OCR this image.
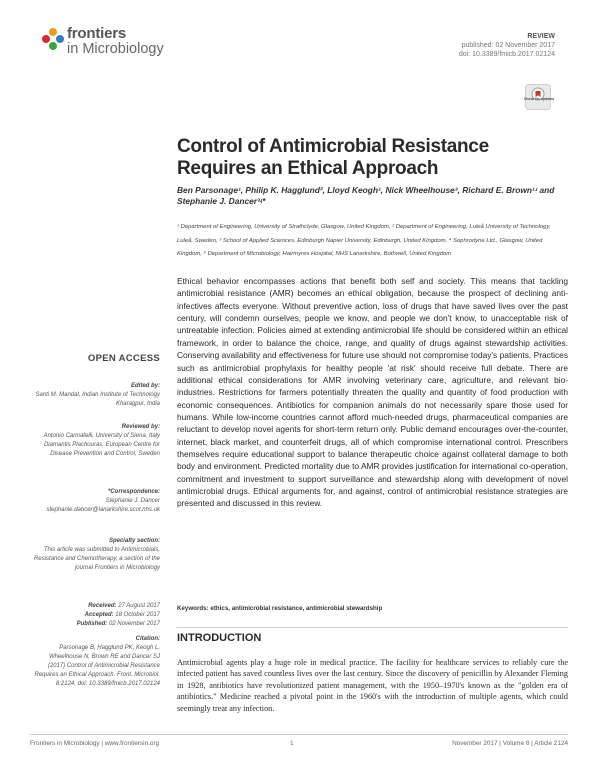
frontiers
in Microbiology
REVIEW
published: 02 November 2017
doi: 10.3389/fmicb.2017.02124
Check for updates
Control of Antimicrobial Resistance Requires an Ethical Approach
Ben Parsonage¹, Philip K. Hagglund², Lloyd Keogh¹, Nick Wheelhouse³, Richard E. Brown¹ʴ and Stephanie J. Dancer³ʵ*
¹ Department of Engineering, University of Strathclyde, Glasgow, United Kingdom, ² Department of Engineering, Luleå University of Technology, Luleå, Sweden, ³ School of Applied Sciences, Edinburgh Napier University, Edinburgh, United Kingdom, ⁴ Sophrodyne Ltd., Glasgow, United Kingdom, ⁵ Department of Microbiology, Hairmyres Hospital, NHS Lanarkshire, Bothwell, United Kingdom
Ethical behavior encompasses actions that benefit both self and society. This means that tackling antimicrobial resistance (AMR) becomes an ethical obligation, because the prospect of declining anti-infectives affects everyone. Without preventive action, loss of drugs that have saved lives over the past century, will condemn ourselves, people we know, and people we don't know, to unacceptable risk of untreatable infection. Policies aimed at extending antimicrobial life should be considered within an ethical framework, in order to balance the choice, range, and quality of drugs against stewardship activities. Conserving availability and effectiveness for future use should not compromise today's patients. Practices such as antimicrobial prophylaxis for healthy people 'at risk' should receive full debate. There are additional ethical considerations for AMR involving veterinary care, agriculture, and relevant bio-industries. Restrictions for farmers potentially threaten the quality and quantity of food production with economic consequences. Antibiotics for companion animals do not necessarily spare those used for humans. While low-income countries cannot afford much-needed drugs, pharmaceutical companies are reluctant to develop novel agents for short-term return only. Public demand encourages over-the-counter, internet, black market, and counterfeit drugs, all of which compromise international control. Prescribers themselves require educational support to balance therapeutic choice against collateral damage to both body and environment. Predicted mortality due to AMR provides justification for international co-operation, commitment and investment to support surveillance and stewardship along with development of novel antimicrobial drugs. Ethical arguments for, and against, control of antimicrobial resistance strategies are presented and discussed in this review.
Keywords: ethics, antimicrobial resistance, antimicrobial stewardship
OPEN ACCESS
Edited by:
Santi M. Mandal, Indian Institute of Technology Kharagpur, India
Reviewed by:
Antonio Cannatelli, University of Siena, Italy Diamantis Plachouras, European Centre for Disease Prevention and Control, Sweden
*Correspondence:
Stephanie J. Dancer stephanie.dancer@lanarkshire.scot.nhs.uk
Specialty section:
This article was submitted to Antimicrobials, Resistance and Chemotherapy, a section of the journal Frontiers in Microbiology
Received: 27 August 2017
Accepted: 18 October 2017
Published: 02 November 2017
Citation:
Parsonage B, Hagglund PK, Keogh L, Wheelhouse N, Brown RE and Dancer SJ (2017) Control of Antimicrobial Resistance Requires an Ethical Approach. Front. Microbiol. 8:2124. doi: 10.3389/fmicb.2017.02124
INTRODUCTION
Antimicrobial agents play a huge role in medical practice. The facility for healthcare services to reliably cure the infected patient has saved countless lives over the last century. Since the discovery of penicillin by Alexander Fleming in 1928, antibiotics have revolutionized patient management, with the 1950–1970's known as the "golden era of antibiotics." Medicine reached a pivotal point in the 1960's with the introduction of multiple agents, which could seemingly treat any infection.
Frontiers in Microbiology | www.frontiersin.org	1	November 2017 | Volume 8 | Article 2124
